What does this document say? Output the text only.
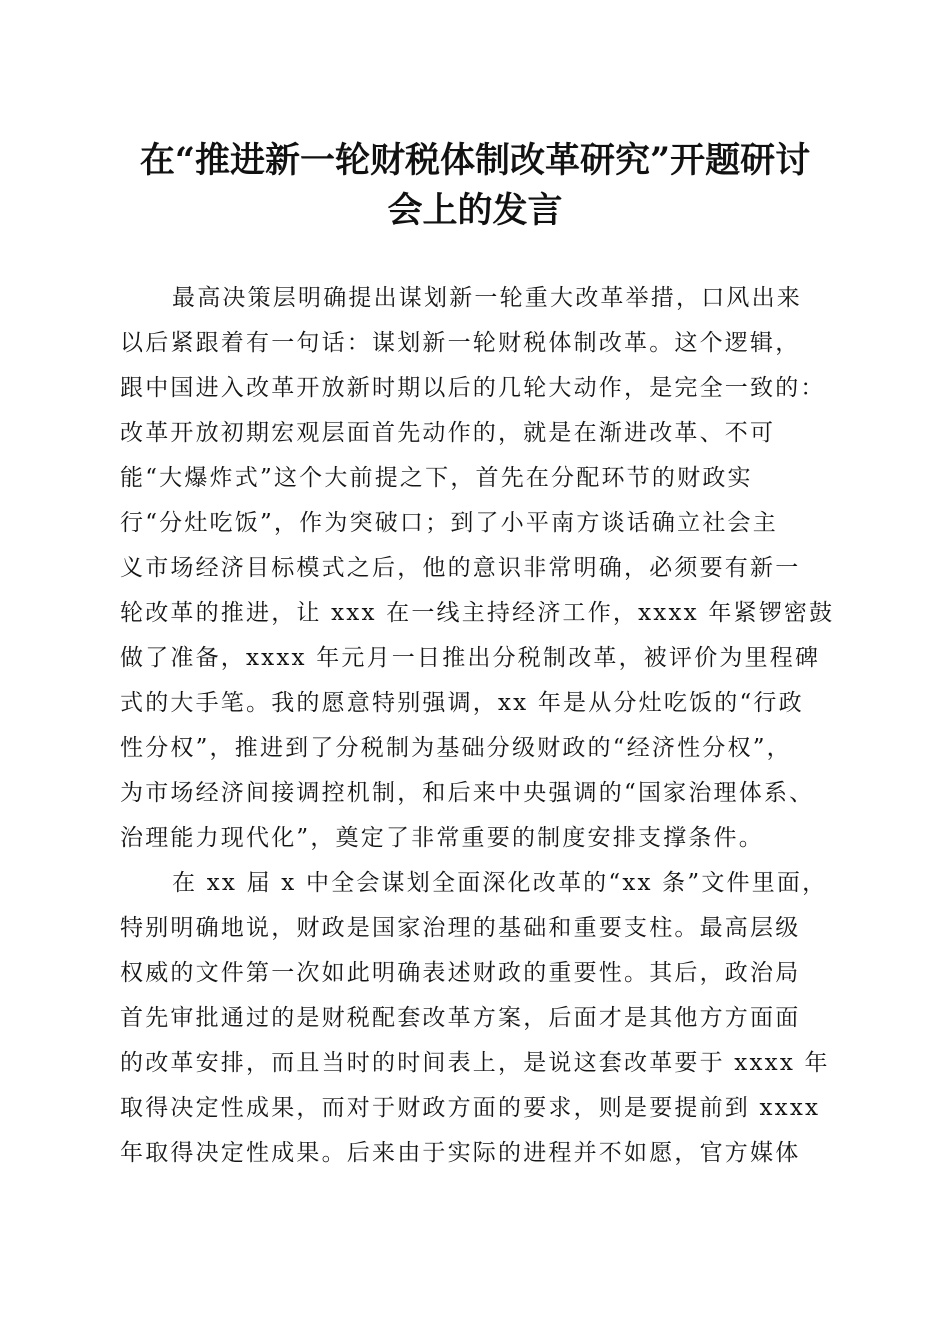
在“推进新一轮财税体制改革研究”开题研讨
会上的发言
最高决策层明确提出谋划新一轮重大改革举措，口风出来
以后紧跟着有一句话：谋划新一轮财税体制改革。这个逻辑，
跟中国进入改革开放新时期以后的几轮大动作，是完全一致的：
改革开放初期宏观层面首先动作的，就是在渐进改革、不可
能“大爆炸式”这个大前提之下，首先在分配环节的财政实
行“分灶吃饭”，作为突破口；到了小平南方谈话确立社会主
义市场经济目标模式之后，他的意识非常明确，必须要有新一
轮改革的推进，让 xxx 在一线主持经济工作，xxxx 年紧锣密鼓
做了准备，xxxx 年元月一日推出分税制改革，被评价为里程碑
式的大手笔。我的愿意特别强调，xx 年是从分灶吃饭的“行政
性分权”，推进到了分税制为基础分级财政的“经济性分权”，
为市场经济间接调控机制，和后来中央强调的“国家治理体系、
治理能力现代化”，奠定了非常重要的制度安排支撑条件。
在 xx 届 x 中全会谋划全面深化改革的“xx 条”文件里面，
特别明确地说，财政是国家治理的基础和重要支柱。最高层级
权威的文件第一次如此明确表述财政的重要性。其后，政治局
首先审批通过的是财税配套改革方案，后面才是其他方方面面
的改革安排，而且当时的时间表上，是说这套改革要于 xxxx 年
取得决定性成果，而对于财政方面的要求，则是要提前到 xxxx
年取得决定性成果。后来由于实际的进程并不如愿，官方媒体
